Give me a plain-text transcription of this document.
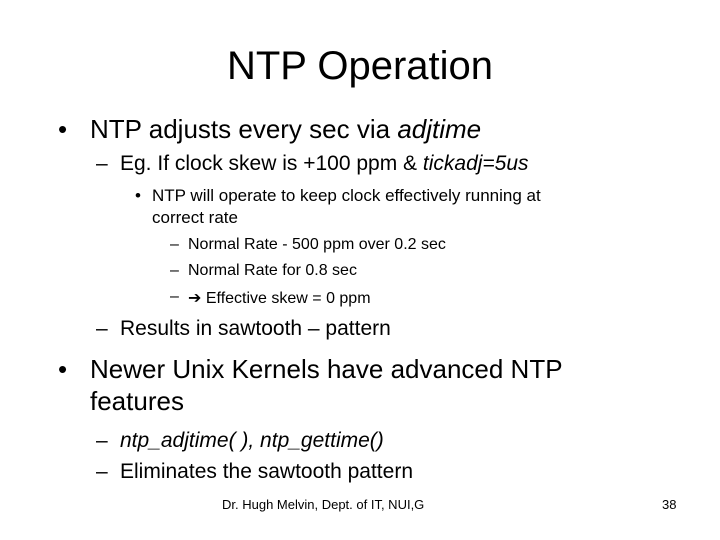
NTP Operation
• NTP adjusts every sec via adjtime
– Eg. If clock skew is +100 ppm & tickadj=5us
• NTP will operate to keep clock effectively running at
correct rate
– Normal Rate - 500 ppm over 0.2 sec
– Normal Rate for 0.8 sec
– ➔ Effective skew = 0 ppm
– Results in sawtooth – pattern
• Newer Unix Kernels have advanced NTP
features
– ntp_adjtime( ), ntp_gettime()
– Eliminates the sawtooth pattern
Dr. Hugh Melvin, Dept. of IT, NUI,G	38
